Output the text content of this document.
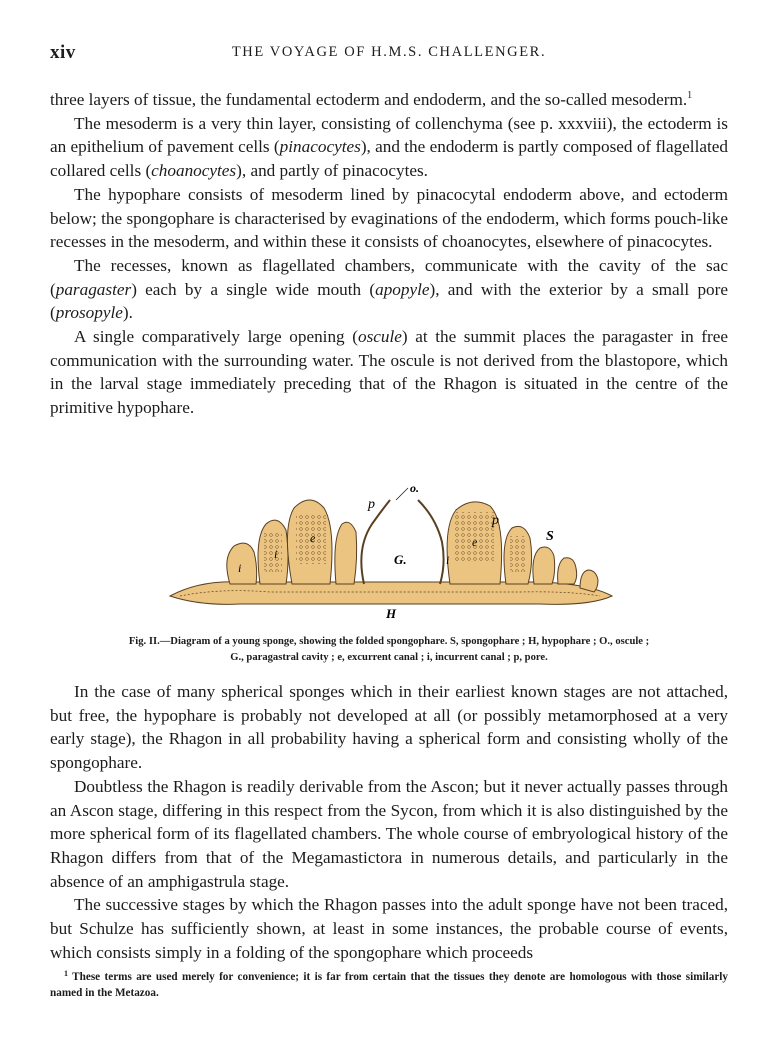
xiv	THE VOYAGE OF H.M.S. CHALLENGER.

three layers of tissue, the fundamental ectoderm and endoderm, and the so-called mesoderm.$^1$

The mesoderm is a very thin layer, consisting of collenchyma (see p. xxxviii), the ectoderm is an epithelium of pavement cells (pinacocytes), and the endoderm is partly composed of flagellated collared cells (choanocytes), and partly of pinacocytes.

The hypophare consists of mesoderm lined by pinacocytal endoderm above, and ectoderm below; the spongophare is characterised by evaginations of the endoderm, which forms pouch-like recesses in the mesoderm, and within these it consists of choanocytes, elsewhere of pinacocytes.

The recesses, known as flagellated chambers, communicate with the cavity of the sac (paragaster) each by a single wide mouth (apopyle), and with the exterior by a small pore (prosopyle).

A single comparatively large opening (oscule) at the summit places the paragaster in free communication with the surrounding water. The oscule is not derived from the blastopore, which in the larval stage immediately preceding that of the Rhagon is situated in the centre of the primitive hypophare.

o.
p
p
S
G.
H
i
i	i
e	e
Fig. II.—Diagram of a young sponge, showing the folded spongophare. S, spongophare ; H, hypophare ; O., oscule ;
G., paragastral cavity ; e, excurrent canal ; i, incurrent canal ; p, pore.

In the case of many spherical sponges which in their earliest known stages are not attached, but free, the hypophare is probably not developed at all (or possibly metamorphosed at a very early stage), the Rhagon in all probability having a spherical form and consisting wholly of the spongophare.

Doubtless the Rhagon is readily derivable from the Ascon; but it never actually passes through an Ascon stage, differing in this respect from the Sycon, from which it is also distinguished by the more spherical form of its flagellated chambers. The whole course of embryological history of the Rhagon differs from that of the Megamastictora in numerous details, and particularly in the absence of an amphigastrula stage.

The successive stages by which the Rhagon passes into the adult sponge have not been traced, but Schulze has sufficiently shown, at least in some instances, the probable course of events, which consists simply in a folding of the spongophare which proceeds

$^1$ These terms are used merely for convenience; it is far from certain that the tissues they denote are homologous with those similarly named in the Metazoa.
